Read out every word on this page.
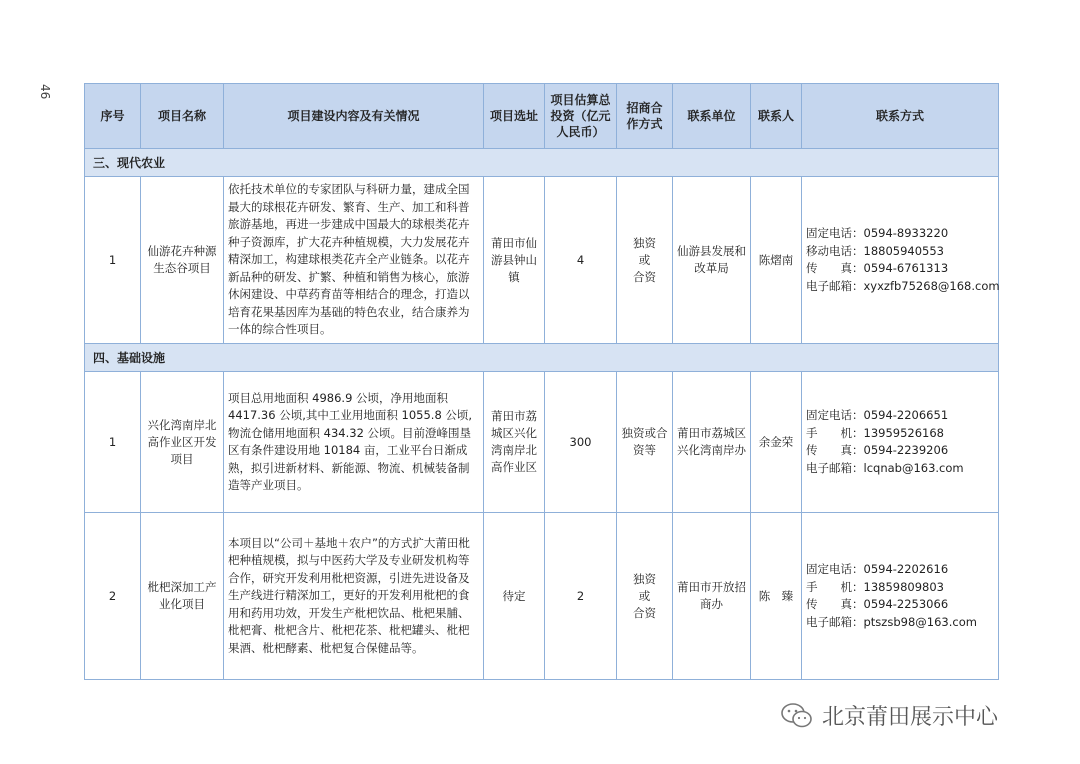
46
序号	项目名称	项目建设内容及有关情况	项目选址	项目估算总投资（亿元人民币）	招商合作方式	联系单位	联系人	联系方式
三、现代农业								
1	仙游花卉种源生态谷项目	依托技术单位的专家团队与科研力量，建成全国最大的球根花卉研发、繁育、生产、加工和科普旅游基地，再进一步建成中国最大的球根类花卉种子资源库，扩大花卉种植规模，大力发展花卉精深加工，构建球根类花卉全产业链条。以花卉新品种的研发、扩繁、种植和销售为核心，旅游休闲建设、中草药育苗等相结合的理念，打造以培育花果基因库为基础的特色农业，结合康养为一体的综合性项目。	莆田市仙游县钟山镇	4	独资
或
合资	仙游县发展和改革局	陈熠南	固定电话：0594-8933220
移动电话：18805940553
传　　真：0594-6761313
电子邮箱：xyxzfb75268@168.com

四、基础设施								
1	兴化湾南岸北高作业区开发项目	项目总用地面积 4986.9 公顷，净用地面积 4417.36 公顷,其中工业用地面积 1055.8 公顷,物流仓储用地面积 434.32 公顷。目前澄峰围垦区有条件建设用地 10184 亩，工业平台日渐成熟，拟引进新材料、新能源、物流、机械装备制造等产业项目。	莆田市荔城区兴化湾南岸北高作业区	300	独资或合
资等	莆田市荔城区兴化湾南岸办	余金荣	固定电话：0594-2206651
手　　机：13959526168
传　　真：0594-2239206
电子邮箱：lcqnab@163.com

2	枇杷深加工产业化项目	本项目以“公司＋基地＋农户”的方式扩大莆田枇杷种植规模，拟与中医药大学及专业研发机构等合作，研究开发利用枇杷资源，引进先进设备及生产线进行精深加工，更好的开发利用枇杷的食用和药用功效，开发生产枇杷饮品、枇杷果脯、枇杷膏、枇杷含片、枇杷花茶、枇杷罐头、枇杷果酒、枇杷酵素、枇杷复合保健品等。	待定	2	独资
或
合资	莆田市开放招商办	陈　臻	固定电话：0594-2202616
手　　机：13859809803
传　　真：0594-2253066
电子邮箱：ptszsb98@163.com
北京莆田展示中心
